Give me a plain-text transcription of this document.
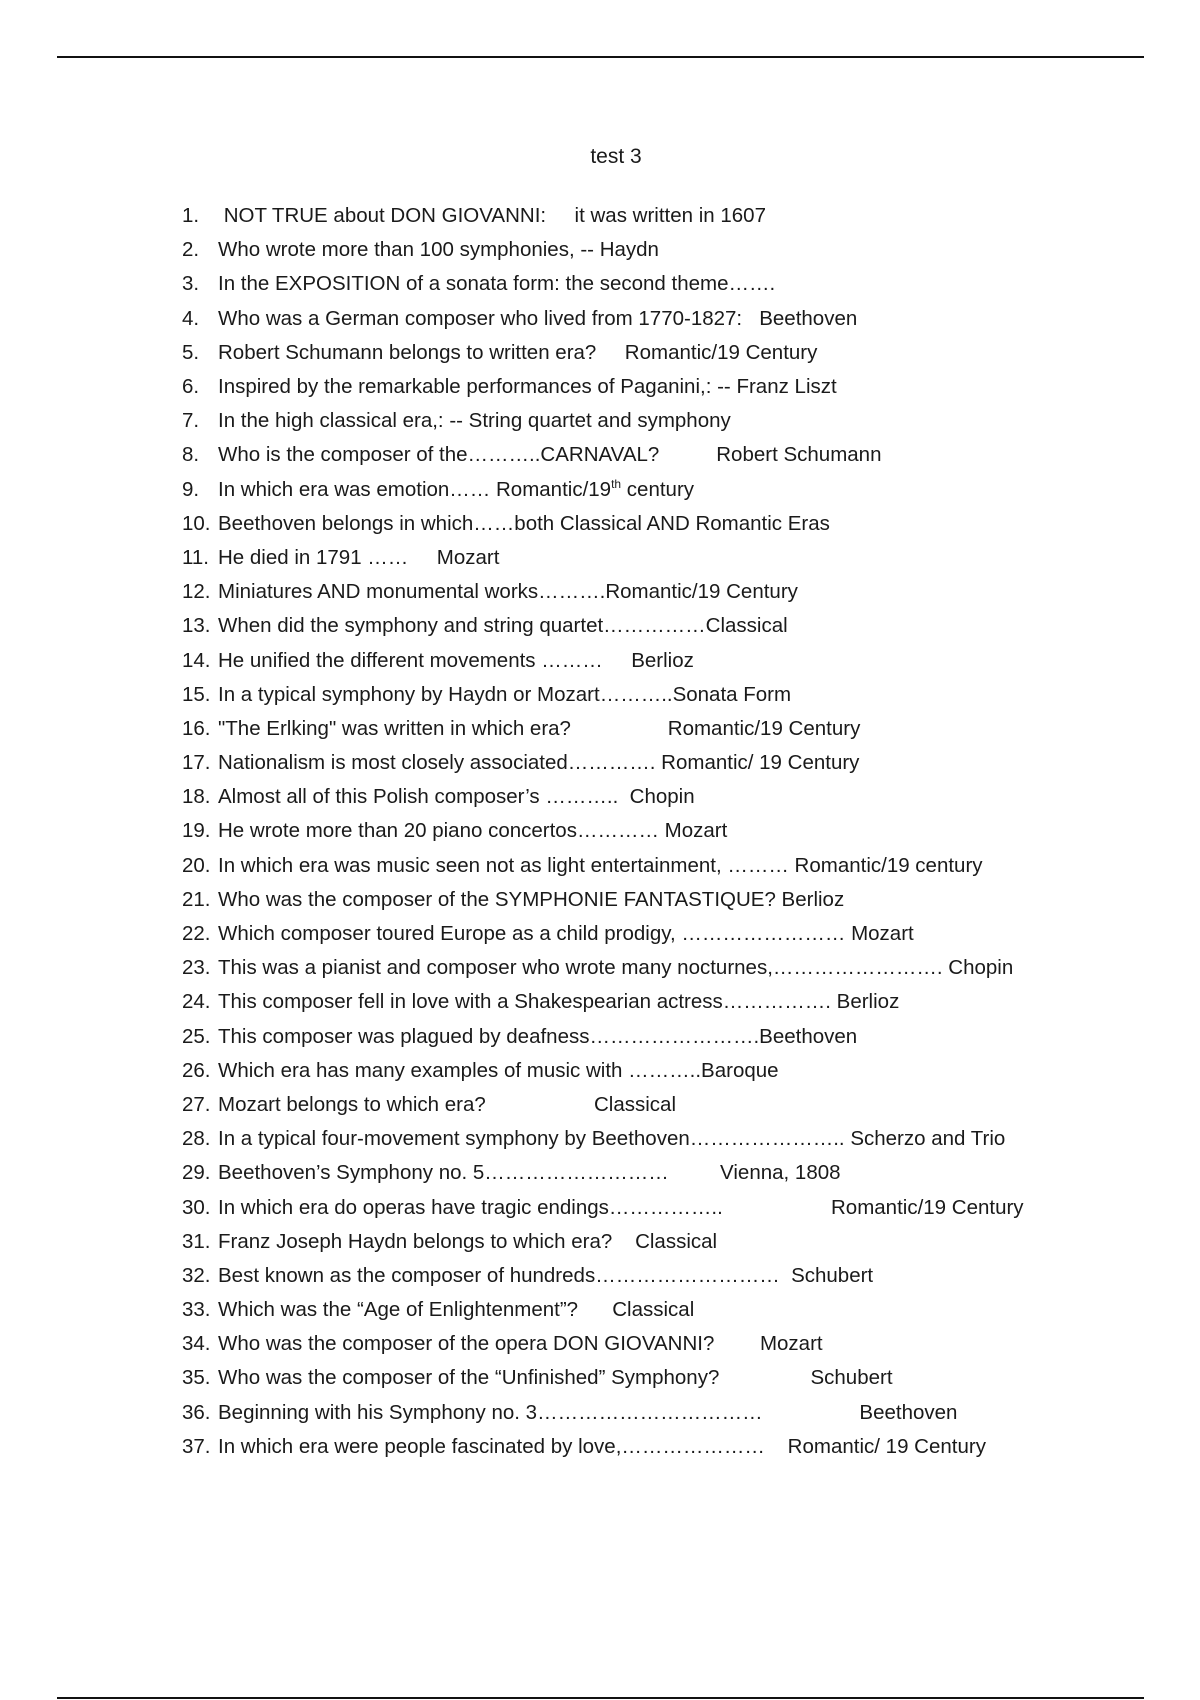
test 3
1. NOT TRUE about DON GIOVANNI:     it was written in 1607
2. Who wrote more than 100 symphonies, -- Haydn
3. In the EXPOSITION of a sonata form: the second theme…….
4. Who was a German composer who lived from 1770-1827:   Beethoven
5. Robert Schumann belongs to written era?     Romantic/19 Century
6. Inspired by the remarkable performances of Paganini,: -- Franz Liszt
7. In the high classical era,: -- String quartet and symphony
8. Who is the composer of the………..CARNAVAL?          Robert Schumann
9. In which era was emotion…… Romantic/19th century
10. Beethoven belongs in which……both Classical AND Romantic Eras
11. He died in 1791 ……     Mozart
12. Miniatures AND monumental works……….Romantic/19 Century
13. When did the symphony and string quartet……………Classical
14. He unified the different movements ………     Berlioz
15. In a typical symphony by Haydn or Mozart………..Sonata Form
16. "The Erlking" was written in which era?                 Romantic/19 Century
17. Nationalism is most closely associated…………. Romantic/ 19 Century
18. Almost all of this Polish composer’s ………..  Chopin
19. He wrote more than 20 piano concertos………… Mozart
20. In which era was music seen not as light entertainment, ……… Romantic/19 century
21. Who was the composer of the SYMPHONIE FANTASTIQUE? Berlioz
22. Which composer toured Europe as a child prodigy, …………………… Mozart
23. This was a pianist and composer who wrote many nocturnes,……………………. Chopin
24. This composer fell in love with a Shakespearian actress……………. Berlioz
25. This composer was plagued by deafness…………………….Beethoven
26. Which era has many examples of music with ………..Baroque
27. Mozart belongs to which era?                   Classical
28. In a typical four-movement symphony by Beethoven………………….. Scherzo and Trio
29. Beethoven’s Symphony no. 5………………………         Vienna, 1808
30. In which era do operas have tragic endings……………..                   Romantic/19 Century
31. Franz Joseph Haydn belongs to which era?    Classical
32. Best known as the composer of hundreds………………………  Schubert
33. Which was the “Age of Enlightenment”?      Classical
34. Who was the composer of the opera DON GIOVANNI?        Mozart
35. Who was the composer of the “Unfinished” Symphony?                Schubert
36. Beginning with his Symphony no. 3……………………………                 Beethoven
37. In which era were people fascinated by love,…………………    Romantic/ 19 Century
